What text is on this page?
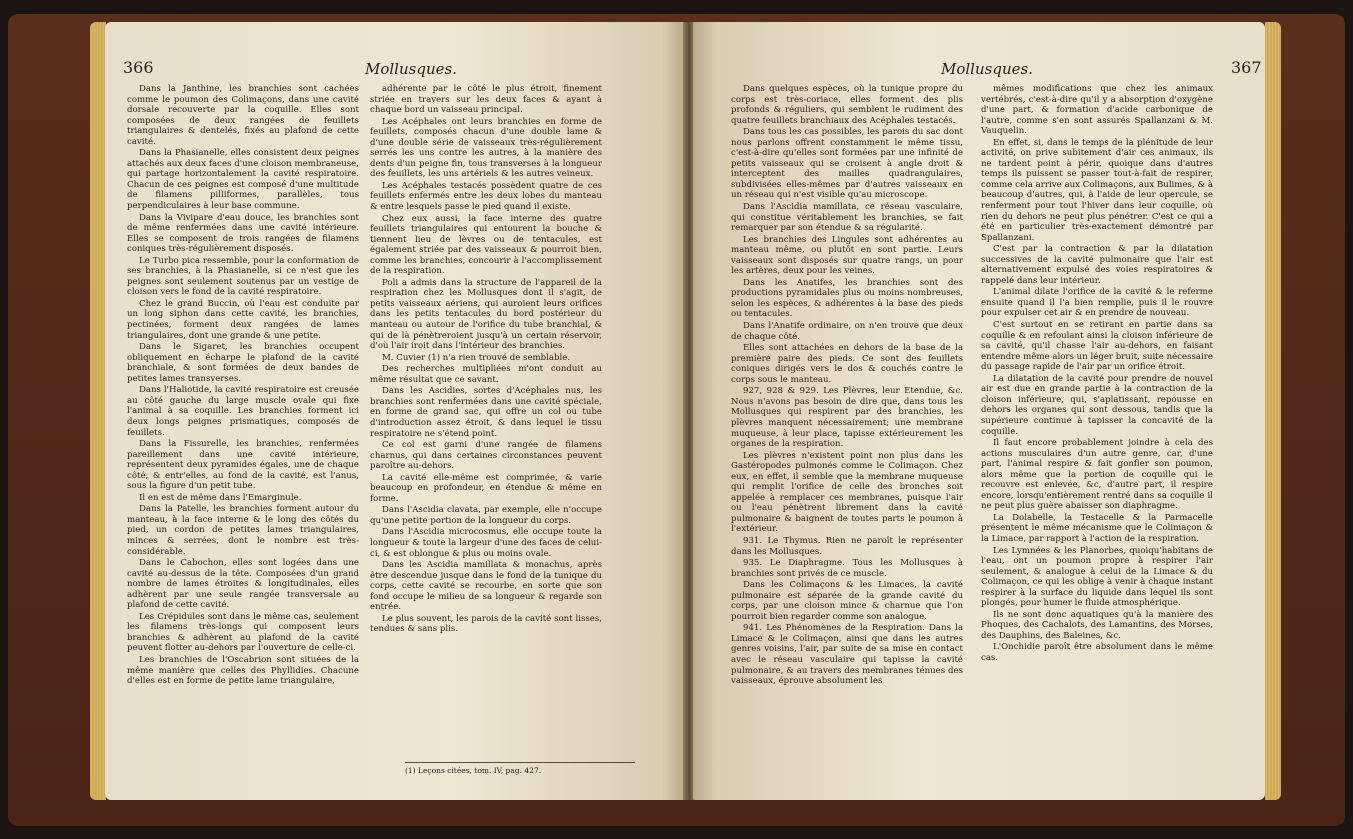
366	Mollusques.

Dans la Janthine, les branchies sont cachées comme le poumon des Colimaçons, dans une cavité dorsale recouverte par la coquille. Elles sont composées de deux rangées de feuillets triangulaires & dentelés, fixés au plafond de cette cavité.

Dans la Phasianelle, elles consistent deux peignes attachés aux deux faces d'une cloison membraneuse, qui partage horizontalement la cavité respiratoire. Chacun de ces peignes est composé d'une multitude de filamens pilliformes, parallèles, tous perpendiculaires à leur base commune.

Dans la Vivipare d'eau douce, les branchies sont de même renfermées dans une cavité intérieure. Elles se composent de trois rangées de filamens coniques très-régulièrement disposés.

Le Turbo pica ressemble, pour la conformation de ses branchies, à la Phasianelle, si ce n'est que les peignes sont seulement soutenus par un vestige de cloison vers le fond de la cavité respiratoire.

Chez le grand Buccin, où l'eau est conduite par un long siphon dans cette cavité, les branchies, pectinées, forment deux rangées de lames triangulaires, dont une grande & une petite.

Dans le Sigaret, les branchies occupent obliquement en écharpe le plafond de la cavité branchiale, & sont formées de deux bandes de petites lames transverses.

Dans l'Haliotide, la cavité respiratoire est creusée au côté gauche du large muscle ovale qui fixe l'animal à sa coquille. Les branchies forment ici deux longs peignes prismatiques, composés de feuillets.

Dans la Fissurelle, les branchies, renfermées pareillement dans une cavité intérieure, représentent deux pyramides égales, une de chaque côté, & entr'elles, au fond de la cavité, est l'anus, sous la figure d'un petit tube.

Il en est de même dans l'Emarginule.

Dans la Patelle, les branchies forment autour du manteau, à la face interne & le long des côtés du pied, un cordon de petites lames triangulaires, minces & serrées, dont le nombre est très-considérable.

Dans le Cabochon, elles sont logées dans une cavité au-dessus de la tête. Composées d'un grand nombre de lames étroites & longitudinales, elles adhèrent par une seule rangée transversale au plafond de cette cavité.

Les Crépidules sont dans le même cas, seulement les filamens très-longs qui composent leurs branchies & adhèrent au plafond de la cavité peuvent flotter au-dehors par l'ouverture de celle-ci.

Les branchies de l'Oscabrion sont situées de la même manière que celles des Phyllidies. Chacune d'elles est en forme de petite lame triangulaire,

adhérente par le côté le plus étroit, finement striée en travers sur les deux faces & ayant à chaque bord un vaisseau principal.

Les Acéphales ont leurs branchies en forme de feuillets, composés chacun d'une double lame & d'une double série de vaisseaux très-régulièrement serrés les uns contre les autres, à la manière des dents d'un peigne fin, tous transverses à la longueur des feuillets, les uns artériels & les autres veineux.

Les Acéphales testacés possèdent quatre de ces feuillets enfermés entre les deux lobes du manteau & entre lesquels passe le pied quand il existe.

Chez eux aussi, la face interne des quatre feuillets triangulaires qui entourent la bouche & tiennent lieu de lèvres ou de tentacules, est également striée par des vaisseaux & pourroit bien, comme les branchies, concourir à l'accomplissement de la respiration.

Poli a admis dans la structure de l'appareil de la respiration chez les Mollusques dont il s'agit, de petits vaisseaux aériens, qui auroient leurs orifices dans les petits tentacules du bord postérieur du manteau ou autour de l'orifice du tube branchial, & qui de là pénètreroient jusqu'à un certain réservoir, d'où l'air iroit dans l'intérieur des branchies.

M. Cuvier (1) n'a rien trouvé de semblable.

Des recherches multipliées m'ont conduit au même résultat que ce savant.

Dans les Ascidies, sortes d'Acéphales nus, les branchies sont renfermées dans une cavité spéciale, en forme de grand sac, qui offre un col ou tube d'introduction assez étroit, & dans lequel le tissu respiratoire ne s'étend point.

Ce col est garni d'une rangée de filamens charnus, qui dans certaines circonstances peuvent paroître au-dehors.

La cavité elle-même est comprimée, & varie beaucoup en profondeur, en étendue & même en forme.

Dans l'Ascidia clavata, par exemple, elle n'occupe qu'une petite portion de la longueur du corps.

Dans l'Ascidia microcosmus, elle occupe toute la longueur & toute la largeur d'une des faces de celui-ci, & est oblongue & plus ou moins ovale.

Dans les Ascidia mamillata & monachus, après être descendue jusque dans le fond de la tunique du corps, cette cavité se recourbe, en sorte que son fond occupe le milieu de sa longueur & regarde son entrée.

Le plus souvent, les parois de la cavité sont lisses, tendues & sans plis.

(1) Leçons citées, tom. IV, pag. 427.
Mollusques.	367

Dans quelques espèces, où la tunique propre du corps est très-coriace, elles forment des plis profonds & réguliers, qui semblent le rudiment des quatre feuillets branchiaux des Acéphales testacés.

Dans tous les cas possibles, les parois du sac dont nous parlons offrent constamment le même tissu, c'est-à-dire qu'elles sont formées par une infinité de petits vaisseaux qui se croisent à angle droit & interceptent des mailles quadrangulaires, subdivisées elles-mêmes par d'autres vaisseaux en un réseau qui n'est visible qu'au microscope.

Dans l'Ascidia mamillata, ce réseau vasculaire, qui constitue véritablement les branchies, se fait remarquer par son étendue & sa régularité.

Les branchies des Lingules sont adhérentes au manteau même, ou plutôt en sont partie. Leurs vaisseaux sont disposés sur quatre rangs, un pour les artères, deux pour les veines.

Dans les Anatifes, les branchies sont des productions pyramidales plus ou moins nombreuses, selon les espèces, & adhérentes à la base des pieds ou tentacules.

Dans l'Anatife ordinaire, on n'en trouve que deux de chaque côté.

Elles sont attachées en dehors de la base de la première paire des pieds. Ce sont des feuillets coniques dirigés vers le dos & couchés contre le corps sous le manteau.

927, 928 & 929. Les Plèvres, leur Etendue, &c. Nous n'avons pas besoin de dire que, dans tous les Mollusques qui respirent par des branchies, les plèvres manquent nécessairement; une membrane muqueuse, à leur place, tapisse extérieurement les organes de la respiration.

Les plèvres n'existent point non plus dans les Gastéropodes pulmonés comme le Colimaçon. Chez eux, en effet, il semble que la membrane muqueuse qui remplit l'orifice de celle des bronches soit appelée à remplacer ces membranes, puisque l'air ou l'eau pénètrent librement dans la cavité pulmonaire & baignent de toutes parts le poumon à l'extérieur.

931. Le Thymus. Rien ne paroît le représenter dans les Mollusques.

935. Le Diaphragme. Tous les Mollusques à branchies sont privés de ce muscle.

Dans les Colimaçons & les Limaces, la cavité pulmonaire est séparée de la grande cavité du corps, par une cloison mince & charnue que l'on pourroit bien regarder comme son analogue.

941. Les Phénomènes de la Respiration. Dans la Limace & le Colimaçon, ainsi que dans les autres genres voisins, l'air, par suite de sa mise en contact avec le réseau vasculaire qui tapisse la cavité pulmonaire, & au travers des membranes ténues des vaisseaux, éprouve absolument les

mêmes modifications que chez les animaux vertébrés, c'est-à-dire qu'il y a absorption d'oxygène d'une part, & formation d'acide carbonique de l'autre, comme s'en sont assurés Spallanzani & M. Vauquelin.

En effet, si, dans le temps de la plénitude de leur activité, on prive subitement d'air ces animaux, ils ne tardent point à périr, quoique dans d'autres temps ils puissent se passer tout-à-fait de respirer, comme cela arrive aux Colimaçons, aux Bulimes, & à beaucoup d'autres, qui, à l'aide de leur opercule, se renferment pour tout l'hiver dans leur coquille, où rien du dehors ne peut plus pénétrer. C'est ce qui a été en particulier très-exactement démontré par Spallanzani.

C'est par la contraction & par la dilatation successives de la cavité pulmonaire que l'air est alternativement expulsé des voies respiratoires & rappelé dans leur intérieur.

L'animal dilate l'orifice de la cavité & le referme ensuite quand il l'a bien remplie, puis il le rouvre pour expulser cet air & en prendre de nouveau.

C'est surtout en se retirant en partie dans sa coquille & en refoulant ainsi la cloison inférieure de sa cavité, qu'il chasse l'air au-dehors, en faisant entendre même alors un léger bruit, suite nécessaire du passage rapide de l'air par un orifice étroit.

La dilatation de la cavité pour prendre de nouvel air est due en grande partie à la contraction de la cloison inférieure, qui, s'aplatissant, repousse en dehors les organes qui sont dessous, tandis que la supérieure continue à tapisser la concavité de la coquille.

Il faut encore probablement joindre à cela des actions musculaires d'un autre genre, car, d'une part, l'animal respire & fait gonfler son poumon, alors même que la portion de coquille qui le recouvre est enlevée, &c, d'autre part, il respire encore, lorsqu'entièrement rentré dans sa coquille il ne peut plus guère abaisser son diaphragme.

La Dolabelle, la Testacelle & la Parmacelle présentent le même mécanisme que le Colimaçon & la Limace, par rapport à l'action de la respiration.

Les Lymnées & les Planorbes, quoiqu'habitans de l'eau, ont un poumon propre à respirer l'air seulement, & analogue à celui de la Limace & du Colimaçon, ce qui les oblige à venir à chaque instant respirer à la surface du liquide dans lequel ils sont plongés, pour humer le fluide atmosphérique.

Ils ne sont donc aquatiques qu'à la manière des Phoques, des Cachalots, des Lamantins, des Morses, des Dauphins, des Baleines, &c.

L'Onchidie paroît être absolument dans le même cas.
